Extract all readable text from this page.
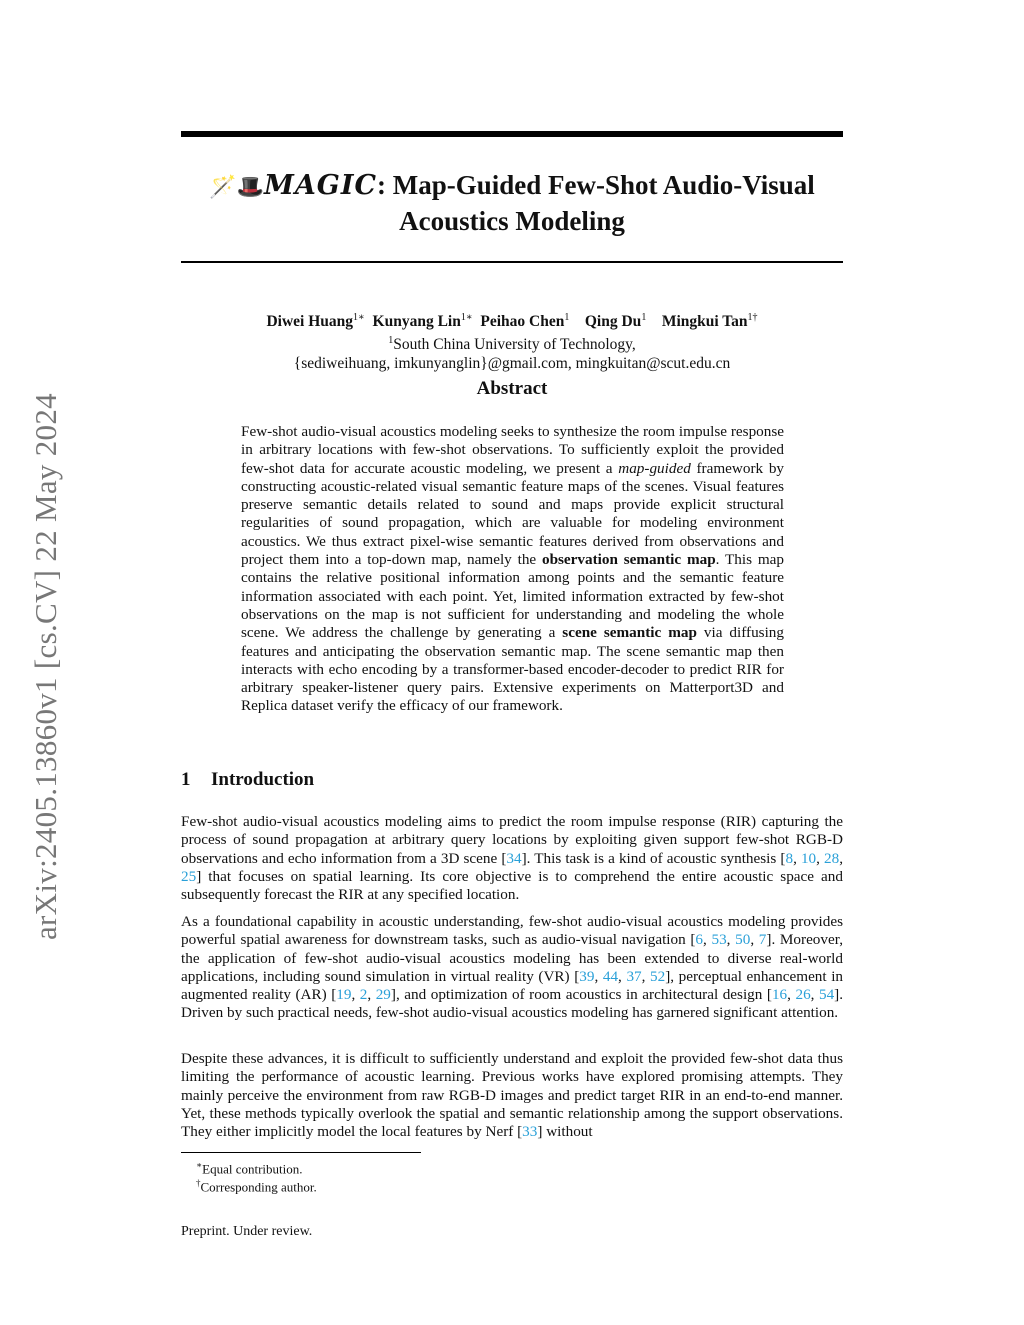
arXiv:2405.13860v1 [cs.CV] 22 May 2024
🪄🎩MAGIC: Map-Guided Few-Shot Audio-Visual
Acoustics Modeling
Diwei Huang$^{1∗}$ Kunyang Lin$^{1∗}$ Peihao Chen$^1$ Qing Du$^1$ Mingkui Tan$^{1\dagger}$
$^1$South China University of Technology,
{sediweihuang, imkunyanglin}@gmail.com, mingkuitan@scut.edu.cn
Abstract
Few-shot audio-visual acoustics modeling seeks to synthesize the room impulse response in arbitrary locations with few-shot observations. To sufficiently exploit the provided few-shot data for accurate acoustic modeling, we present a map-guided framework by constructing acoustic-related visual semantic feature maps of the scenes. Visual features preserve semantic details related to sound and maps provide explicit structural regularities of sound propagation, which are valuable for modeling environment acoustics. We thus extract pixel-wise semantic features derived from observations and project them into a top-down map, namely the observation semantic map. This map contains the relative positional information among points and the semantic feature information associated with each point. Yet, limited information extracted by few-shot observations on the map is not sufficient for understanding and modeling the whole scene. We address the challenge by generating a scene semantic map via diffusing features and anticipating the observation semantic map. The scene semantic map then interacts with echo encoding by a transformer-based encoder-decoder to predict RIR for arbitrary speaker-listener query pairs. Extensive experiments on Matterport3D and Replica dataset verify the efficacy of our framework.
1 Introduction
Few-shot audio-visual acoustics modeling aims to predict the room impulse response (RIR) capturing the process of sound propagation at arbitrary query locations by exploiting given support few-shot RGB-D observations and echo information from a 3D scene [34]. This task is a kind of acoustic synthesis [8, 10, 28, 25] that focuses on spatial learning. Its core objective is to comprehend the entire acoustic space and subsequently forecast the RIR at any specified location.
As a foundational capability in acoustic understanding, few-shot audio-visual acoustics modeling provides powerful spatial awareness for downstream tasks, such as audio-visual navigation [6, 53, 50, 7]. Moreover, the application of few-shot audio-visual acoustics modeling has been extended to diverse real-world applications, including sound simulation in virtual reality (VR) [39, 44, 37, 52], perceptual enhancement in augmented reality (AR) [19, 2, 29], and optimization of room acoustics in architectural design [16, 26, 54]. Driven by such practical needs, few-shot audio-visual acoustics modeling has garnered significant attention.
Despite these advances, it is difficult to sufficiently understand and exploit the provided few-shot data thus limiting the performance of acoustic learning. Previous works have explored promising attempts. They mainly perceive the environment from raw RGB-D images and predict target RIR in an end-to-end manner. Yet, these methods typically overlook the spatial and semantic relationship among the support observations. They either implicitly model the local features by Nerf [33] without
∗Equal contribution.
†Corresponding author.
Preprint. Under review.
